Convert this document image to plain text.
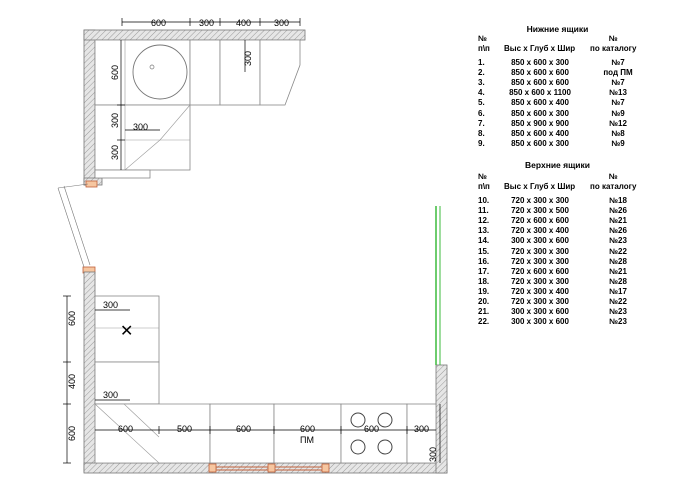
600	300 400	300
600
300
300
300
300
✕
600
400
600
300
300
600	500	600	600	600	300
300
ПМ
Нижние ящики
№
п\п Выс x Глуб x Шир
№
по каталогу
1.	850 x 600 x 300	№7
2.	850 x 600 x 600	под ПМ
3.	850 x 600 x 600	№7
4.	850 x 600 x 1100	№13
5.	850 x 600 x 400	№7
6.	850 x 600 x 300	№9
7.	850 x 900 x 900	№12
8.	850 x 600 x 400	№8
9.	850 x 600 x 300	№9
Верхние ящики
№
п\п Выс x Глуб x Шир
№
по каталогу
10.	720 x 300 x 300	№18
11.	720 x 300 x 500	№26
12.	720 x 600 x 600	№21
13.	720 x 300 x 400	№26
14.	300 x 300 x 600	№23
15.	720 x 300 x 300	№22
16.	720 x 300 x 300	№28
17.	720 x 600 x 600	№21
18.	720 x 300 x 300	№28
19.	720 x 300 x 400	№17
20.	720 x 300 x 300	№22
21.	300 x 300 x 600	№23
22.	300 x 300 x 600	№23
